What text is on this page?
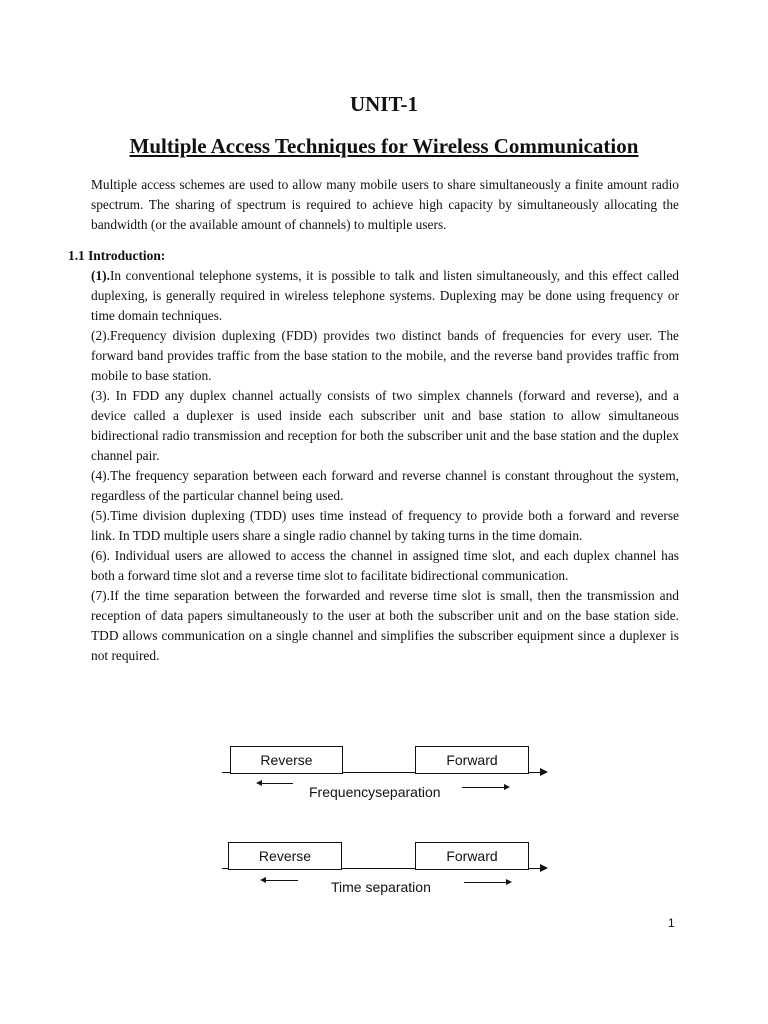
UNIT-1
Multiple Access Techniques for Wireless Communication

Multiple access schemes are used to allow many mobile users to share simultaneously a finite amount radio spectrum. The sharing of spectrum is required to achieve high capacity by simultaneously allocating the bandwidth (or the available amount of channels) to multiple users.

1.1 Introduction:

(1).In conventional telephone systems, it is possible to talk and listen simultaneously, and this effect called duplexing, is generally required in wireless telephone systems. Duplexing may be done using frequency or time domain techniques.

(2).Frequency division duplexing (FDD) provides two distinct bands of frequencies for every user. The forward band provides traffic from the base station to the mobile, and the reverse band provides traffic from mobile to base station.

(3). In FDD any duplex channel actually consists of two simplex channels (forward and reverse), and a device called a duplexer is used inside each subscriber unit and base station to allow simultaneous bidirectional radio transmission and reception for both the subscriber unit and the base station and the duplex channel pair.

(4).The frequency separation between each forward and reverse channel is constant throughout the system, regardless of the particular channel being used.

(5).Time division duplexing (TDD) uses time instead of frequency to provide both a forward and reverse link. In TDD multiple users share a single radio channel by taking turns in the time domain.

(6). Individual users are allowed to access the channel in assigned time slot, and each duplex channel has both a forward time slot and a reverse time slot to facilitate bidirectional communication.

(7).If the time separation between the forwarded and reverse time slot is small, then the transmission and reception of data papers simultaneously to the user at both the subscriber unit and on the base station side. TDD allows communication on a single channel and simplifies the subscriber equipment since a duplexer is not required.

Reverse	Forward
Frequencyseparation
Reverse	Forward
Time separation
1
